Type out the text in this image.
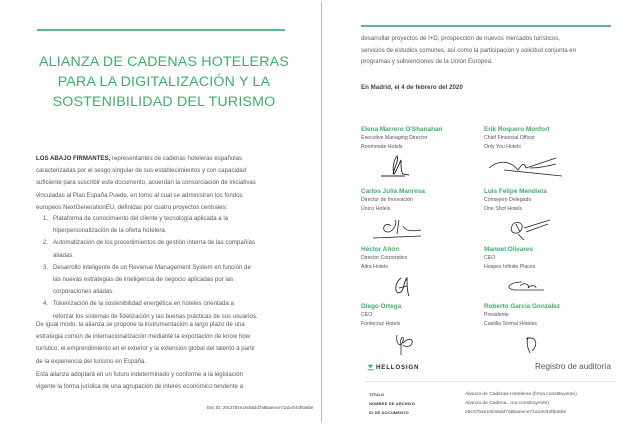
ALIANZA DE CADENAS HOTELERAS
PARA LA DIGITALIZACIÓN Y LA
SOSTENIBILIDAD DEL TURISMO

LOS ABAJO FIRMANTES, representantes de cadenas hoteleras españolas
caracterizadas por el sesgo singular de sus establecimientos y con capacidad
suficiente para suscribir este documento, acuerdan la consorciación de iniciativas
vinculadas al Plan España Puede, en torno al cual se administran los fondos
europeos NextGenerationEU, definidas por cuatro proyectos centrales:

1. Plataforma de conocimiento del cliente y tecnología aplicada a la
hiperpersonalización de la oferta hotelera.
2. Automatización de los procedimientos de gestión interna de las compañías
aliadas.
3. Desarrollo inteligente de un Revenue Management System en función de
las nuevas estrategias de inteligencia de negocio aplicadas por las
corporaciones aliadas.
4. Tokenización de la sostenibilidad energética en hoteles orientada a
reforzar los sistemas de fidelización y las buenas prácticas de sus usuarios.

De igual modo, la alianza se propone la instrumentación a largo plazo de una
estrategia común de internacionalización mediante la exportación de know how
turístico, el emprendimiento en el exterior y la extensión global del talento a partir
de la experiencia del turismo en España.

Esta alianza adoptará en un futuro indeterminado y conforme a la legislación
vigente la forma jurídica de una agrupación de interés económico tendente a

Doc ID: 29c37b4e19c65dd7a85aeece71a1e044f8a6be

desarrollar proyectos de I+D, prospección de nuevos mercados turísticos,
servicios de estudios comunes, así como la participación y solicitud conjunta en
programas y subvenciones de la Unión Europea.

En Madrid, el 4 de febrero del 2020
Elena Marrero O'Shanahan
Executive Managing Director
Roommate Hotels
Erik Roquero Monfort
Chief Financial Officer
Only You Hotels
Carlos Julià Manresa
Director de Innovación
Único Hotels
Luis Felipe Mendieta
Consejero Delegado
One Shot Hotels
Héctor Añón
Director Corporativo
Altra Hotels
Manuel Olivares
CEO
Hospes Infinite Places
Diego Ortega
CEO
Fontecruz Hotels
Roberto García González
Presidente
Castilla Termal Hoteles
HELLOSIGN	Registro de auditoría
TÍTULO	Alianza de Cadenas Hoteleras (firma constituyente)
NOMBRE DE ARCHIVO	Alianza de Cadena...ma constituyente)
ID DE DOCUMENTO	29c37b4e19c65dd7a85aeece71a1e044f8a6be
